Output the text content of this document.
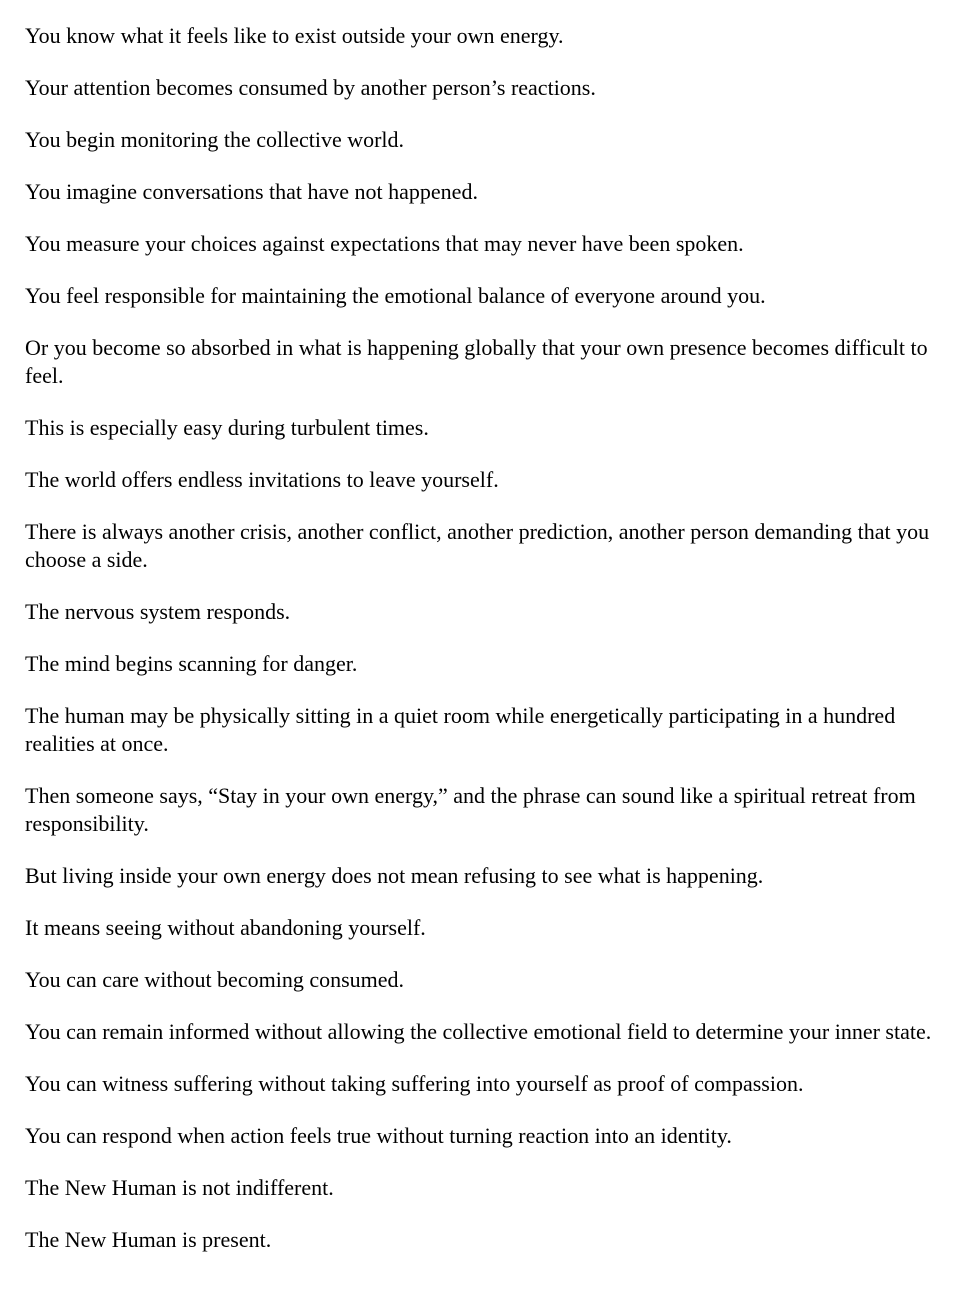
You know what it feels like to exist outside your own energy.

Your attention becomes consumed by another person’s reactions.

You begin monitoring the collective world.

You imagine conversations that have not happened.

You measure your choices against expectations that may never have been spoken.

You feel responsible for maintaining the emotional balance of everyone around you.

Or you become so absorbed in what is happening globally that your own presence becomes difficult to feel.

This is especially easy during turbulent times.

The world offers endless invitations to leave yourself.

There is always another crisis, another conflict, another prediction, another person demanding that you choose a side.

The nervous system responds.

The mind begins scanning for danger.

The human may be physically sitting in a quiet room while energetically participating in a hundred realities at once.

Then someone says, “Stay in your own energy,” and the phrase can sound like a spiritual retreat from responsibility.

But living inside your own energy does not mean refusing to see what is happening.

It means seeing without abandoning yourself.

You can care without becoming consumed.

You can remain informed without allowing the collective emotional field to determine your inner state.

You can witness suffering without taking suffering into yourself as proof of compassion.

You can respond when action feels true without turning reaction into an identity.

The New Human is not indifferent.

The New Human is present.
